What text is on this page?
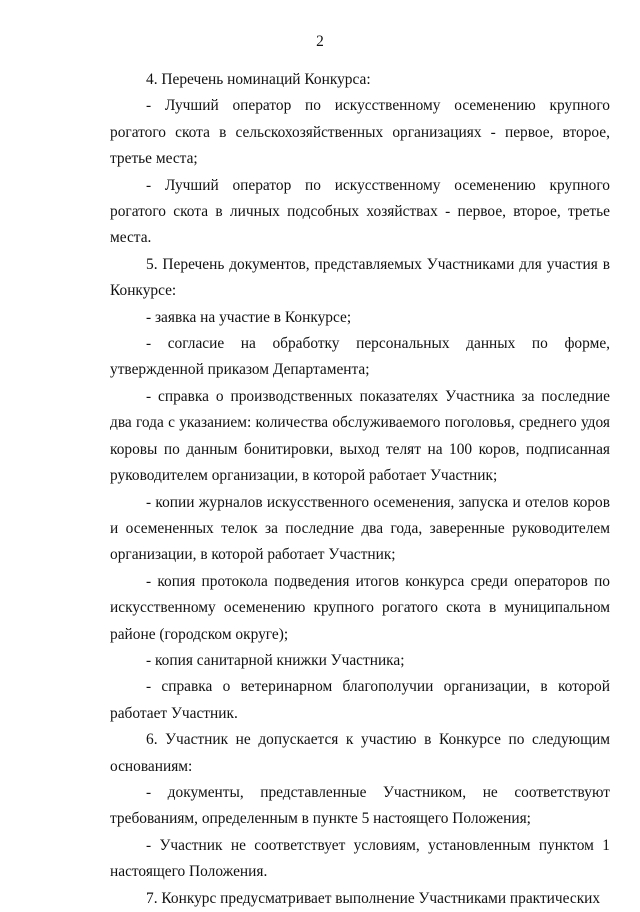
2

4. Перечень номинаций Конкурса:

- Лучший оператор по искусственному осеменению крупного рогатого скота в сельскохозяйственных организациях - первое, второе, третье места;

- Лучший оператор по искусственному осеменению крупного рогатого скота в личных подсобных хозяйствах - первое, второе, третье места.

5. Перечень документов, представляемых Участниками для участия в Конкурсе:

- заявка на участие в Конкурсе;

- согласие на обработку персональных данных по форме, утвержденной приказом Департамента;

- справка о производственных показателях Участника за последние два года с указанием: количества обслуживаемого поголовья, среднего удоя коровы по данным бонитировки, выход телят на 100 коров, подписанная руководителем организации, в которой работает Участник;

- копии журналов искусственного осеменения, запуска и отелов коров и осемененных телок за последние два года, заверенные руководителем организации, в которой работает Участник;

- копия протокола подведения итогов конкурса среди операторов по искусственному осеменению крупного рогатого скота в муниципальном районе (городском округе);

- копия санитарной книжки Участника;

- справка о ветеринарном благополучии организации, в которой работает Участник.

6. Участник не допускается к участию в Конкурсе по следующим основаниям:

- документы, представленные Участником, не соответствуют требованиям, определенным в пункте 5 настоящего Положения;

- Участник не соответствует условиям, установленным пунктом 1 настоящего Положения.

7. Конкурс предусматривает выполнение Участниками практических
